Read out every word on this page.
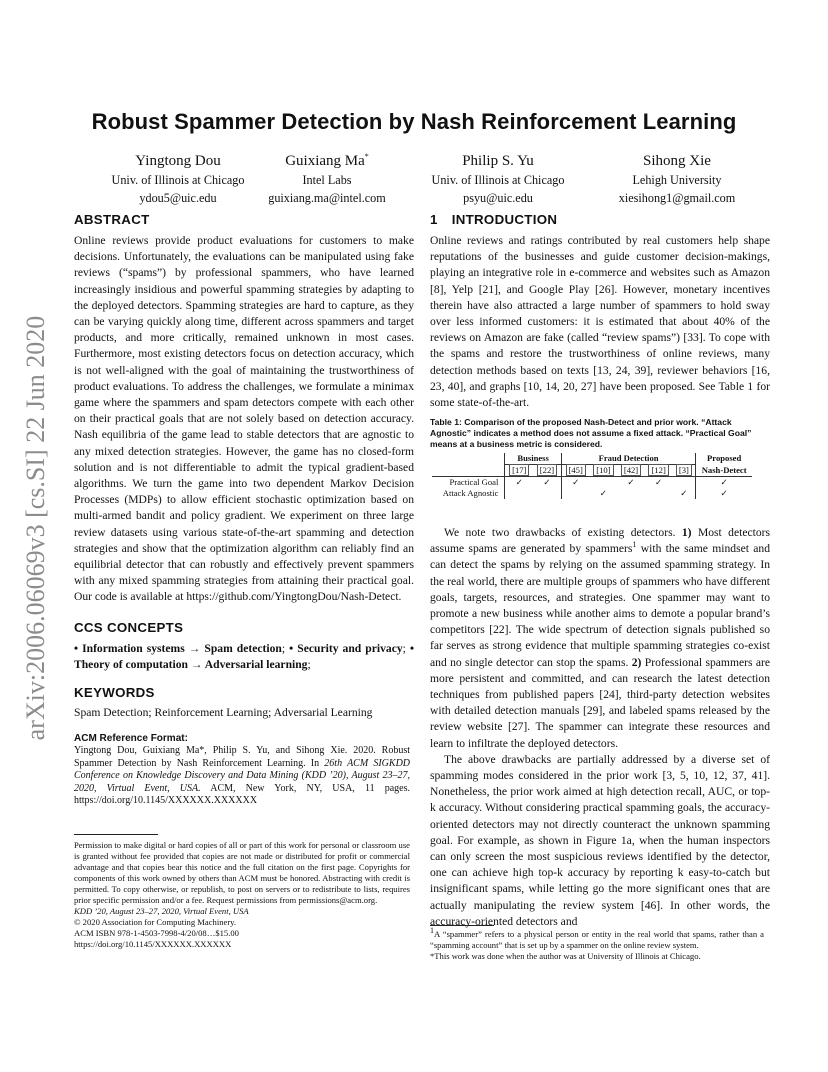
arXiv:2006.06069v3 [cs.SI] 22 Jun 2020
Robust Spammer Detection by Nash Reinforcement Learning
Yingtong Dou
Univ. of Illinois at Chicago
ydou5@uic.edu
Guixiang Ma*
Intel Labs
guixiang.ma@intel.com
Philip S. Yu
Univ. of Illinois at Chicago
psyu@uic.edu
Sihong Xie
Lehigh University
xiesihong1@gmail.com
ABSTRACT
Online reviews provide product evaluations for customers to make decisions. Unfortunately, the evaluations can be manipulated using fake reviews (“spams”) by professional spammers, who have learned increasingly insidious and powerful spamming strategies by adapting to the deployed detectors. Spamming strategies are hard to capture, as they can be varying quickly along time, different across spammers and target products, and more critically, remained unknown in most cases. Furthermore, most existing detectors focus on detection accuracy, which is not well-aligned with the goal of maintaining the trustworthiness of product evaluations. To address the challenges, we formulate a minimax game where the spammers and spam detectors compete with each other on their practical goals that are not solely based on detection accuracy. Nash equilibria of the game lead to stable detectors that are agnostic to any mixed detection strategies. However, the game has no closed-form solution and is not differentiable to admit the typical gradient-based algorithms. We turn the game into two dependent Markov Decision Processes (MDPs) to allow efficient stochastic optimization based on multi-armed bandit and policy gradient. We experiment on three large review datasets using various state-of-the-art spamming and detection strategies and show that the optimization algorithm can reliably find an equilibrial detector that can robustly and effectively prevent spammers with any mixed spamming strategies from attaining their practical goal. Our code is available at https://github.com/YingtongDou/Nash-Detect.
CCS CONCEPTS
• Information systems → Spam detection; • Security and privacy; • Theory of computation → Adversarial learning;
KEYWORDS
Spam Detection; Reinforcement Learning; Adversarial Learning
ACM Reference Format:
Yingtong Dou, Guixiang Ma*, Philip S. Yu, and Sihong Xie. 2020. Robust Spammer Detection by Nash Reinforcement Learning. In 26th ACM SIGKDD Conference on Knowledge Discovery and Data Mining (KDD ’20), August 23–27, 2020, Virtual Event, USA. ACM, New York, NY, USA, 11 pages. https://doi.org/10.1145/XXXXXX.XXXXXX
Permission to make digital or hard copies of all or part of this work for personal or classroom use is granted without fee provided that copies are not made or distributed for profit or commercial advantage and that copies bear this notice and the full citation on the first page. Copyrights for components of this work owned by others than ACM must be honored. Abstracting with credit is permitted. To copy otherwise, or republish, to post on servers or to redistribute to lists, requires prior specific permission and/or a fee. Request permissions from permissions@acm.org.
KDD ’20, August 23–27, 2020, Virtual Event, USA
© 2020 Association for Computing Machinery.
ACM ISBN 978-1-4503-7998-4/20/08…$15.00
https://doi.org/10.1145/XXXXXX.XXXXXX
1 INTRODUCTION
Online reviews and ratings contributed by real customers help shape reputations of the businesses and guide customer decision-makings, playing an integrative role in e-commerce and websites such as Amazon [8], Yelp [21], and Google Play [26]. However, monetary incentives therein have also attracted a large number of spammers to hold sway over less informed customers: it is estimated that about 40% of the reviews on Amazon are fake (called “review spams”) [33]. To cope with the spams and restore the trustworthiness of online reviews, many detection methods based on texts [13, 24, 39], reviewer behaviors [16, 23, 40], and graphs [10, 14, 20, 27] have been proposed. See Table 1 for some state-of-the-art.
Table 1: Comparison of the proposed Nash-Detect and prior work. “Attack Agnostic” indicates a method does not assume a fixed attack. “Practical Goal” means at a business metric is considered.
	Business		Fraud Detection					Proposed
	[17]	[22]	[45]	[10]	[42]	[12]	[3]	Nash-Detect
Practical Goal	✓	✓	✓		✓	✓		✓
Attack Agnostic				✓			✓	✓

We note two drawbacks of existing detectors. 1) Most detectors assume spams are generated by spammers$^1$ with the same mindset and can detect the spams by relying on the assumed spamming strategy. In the real world, there are multiple groups of spammers who have different goals, targets, resources, and strategies. One spammer may want to promote a new business while another aims to demote a popular brand’s competitors [22]. The wide spectrum of detection signals published so far serves as strong evidence that multiple spamming strategies co-exist and no single detector can stop the spams. 2) Professional spammers are more persistent and committed, and can research the latest detection techniques from published papers [24], third-party detection websites with detailed detection manuals [29], and labeled spams released by the review website [27]. The spammer can integrate these resources and learn to infiltrate the deployed detectors.

The above drawbacks are partially addressed by a diverse set of spamming modes considered in the prior work [3, 5, 10, 12, 37, 41]. Nonetheless, the prior work aimed at high detection recall, AUC, or top-k accuracy. Without considering practical spamming goals, the accuracy-oriented detectors may not directly counteract the unknown spamming goal. For example, as shown in Figure 1a, when the human inspectors can only screen the most suspicious reviews identified by the detector, one can achieve high top-k accuracy by reporting k easy-to-catch but insignificant spams, while letting go the more significant ones that are actually manipulating the review system [46]. In other words, the accuracy-oriented detectors and

1A “spammer” refers to a physical person or entity in the real world that spams, rather than a “spamming account” that is set up by a spammer on the online review system.
*This work was done when the author was at University of Illinois at Chicago.
